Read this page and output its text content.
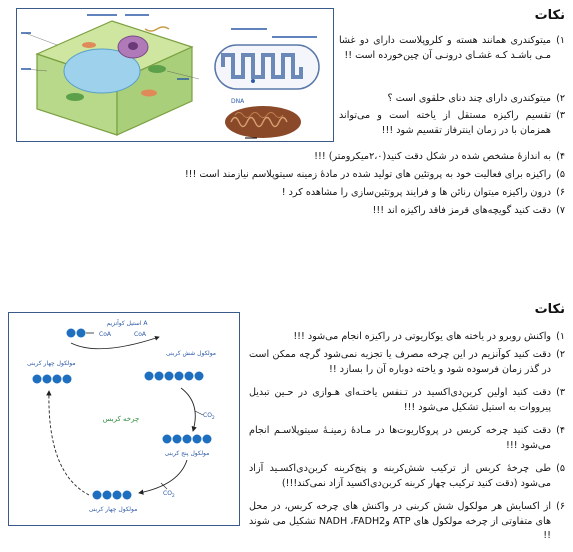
نکات
DNA
۱)
میتوکندری همانند هسته و کلروپلاست دارای دو غشا مـی باشـد کـه غشـای درونـی آن چین‌خورده است !!
۲)
میتوکندری دارای چند دنای حلقوی است ؟
۳)
تقسیم راکیزه مستقل از یاخته است و می‌تواند همزمان با در زمان اینترفاز تقسیم شود !!!
۴)
به اندازهٔ مشخص شده در شکل دقت کنید(۲،۰میکرومتر) !!!
۵)
راکیزه برای فعالیت خود به پروتئین های تولید شده در مادهٔ زمینه سیتوپلاسم نیازمند است !!!
۶)
درون راکیزه میتوان رنائن ها و فرایند پروتئین‌سازی را مشاهده کرد !
۷)
دقت کنید گویچه‌های قرمز فاقد راکیزه اند !!!
نکات
استیل کوآنزیم A
CoA	CoA
مولکول چهار کربنی
مولکول شش کربنی
چرخه کربس	$CO_2$
مولکول پنج کربنی
$CO_2$
مولکول چهار کربنی
۱)
واکنش روبرو در یاخته های یوکاریوتی در راکیزه انجام می‌شود !!!
۲)
دقت کنید کوآنزیم در این چرخه مصرف یا تجزیه نمی‌شود گرچه ممکن است در گذر زمان فرسوده شود و یاخته دوباره آن را بسازد !!
۳)
دقت کنید اولین کربن‌دی‌اکسید در تـنفس یاختـه‌ای هـوازی در حـین تبدیل پیرووات به استیل تشکیل می‌شود !!!
۴)
دقت کنید چرخه کربس در پروکاریوت‌ها در مـادهٔ زمینـهٔ سیتوپلاسـم انجام می‌شود !!!
۵)
طی چرخهٔ کربس از ترکیب شش‌کربنه و پنج‌کربنه کربن‌دی‌اکسـید آزاد می‌شود (دقت کنید ترکیب چهار کربنه کربن‌دی‌اکسید آزاد نمی‌کند!!!)
۶)
از اکسایش هر مولکول شش کربنی در واکنش های چرخه کربس، در محل های متفاوتی از چرخه مولکول های ATP وNADH ،FADH2 تشکیل می شوند !!
